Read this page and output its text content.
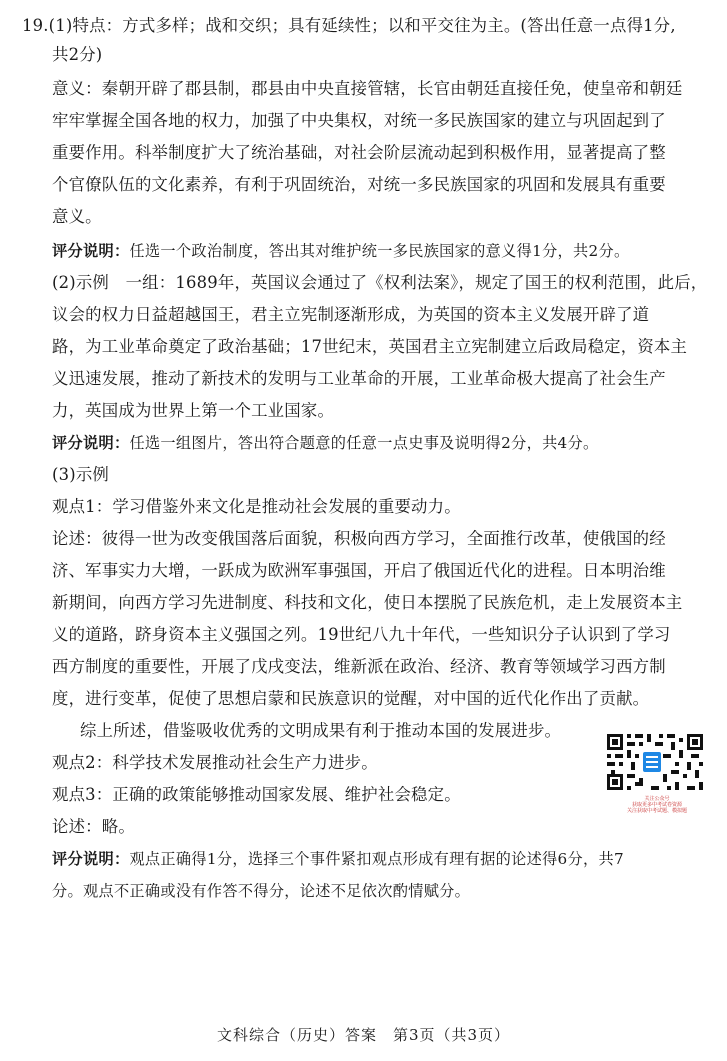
19.(1)特点：方式多样；战和交织；具有延续性；以和平交往为主。(答出任意一点得1分,
共2分)
意义：秦朝开辟了郡县制，郡县由中央直接管辖，长官由朝廷直接任免，使皇帝和朝廷
牢牢掌握全国各地的权力，加强了中央集权，对统一多民族国家的建立与巩固起到了
重要作用。科举制度扩大了统治基础，对社会阶层流动起到积极作用，显著提高了整
个官僚队伍的文化素养，有利于巩固统治，对统一多民族国家的巩固和发展具有重要
意义。
评分说明：任选一个政治制度，答出其对维护统一多民族国家的意义得1分，共2分。
(2)示例　一组：1689年，英国议会通过了《权利法案》，规定了国王的权利范围，此后，
议会的权力日益超越国王，君主立宪制逐渐形成，为英国的资本主义发展开辟了道
路，为工业革命奠定了政治基础；17世纪末，英国君主立宪制建立后政局稳定，资本主
义迅速发展，推动了新技术的发明与工业革命的开展，工业革命极大提高了社会生产
力，英国成为世界上第一个工业国家。
评分说明：任选一组图片，答出符合题意的任意一点史事及说明得2分，共4分。
(3)示例
观点1：学习借鉴外来文化是推动社会发展的重要动力。
论述：彼得一世为改变俄国落后面貌，积极向西方学习，全面推行改革，使俄国的经
济、军事实力大增，一跃成为欧洲军事强国，开启了俄国近代化的进程。日本明治维
新期间，向西方学习先进制度、科技和文化，使日本摆脱了民族危机，走上发展资本主
义的道路，跻身资本主义强国之列。19世纪八九十年代，一些知识分子认识到了学习
西方制度的重要性，开展了戊戌变法，维新派在政治、经济、教育等领域学习西方制
度，进行变革，促使了思想启蒙和民族意识的觉醒，对中国的近代化作出了贡献。
综上所述，借鉴吸收优秀的文明成果有利于推动本国的发展进步。
观点2：科学技术发展推动社会生产力进步。
观点3：正确的政策能够推动国家发展、维护社会稳定。
论述：略。
评分说明：观点正确得1分，选择三个事件紧扣观点形成有理有据的论述得6分，共7
分。观点不正确或没有作答不得分，论述不足依次酌情赋分。
关注公众号
获取更多中考试卷资源
关注获取中考试题、模拟题
文科综合（历史）答案　第3页（共3页）
